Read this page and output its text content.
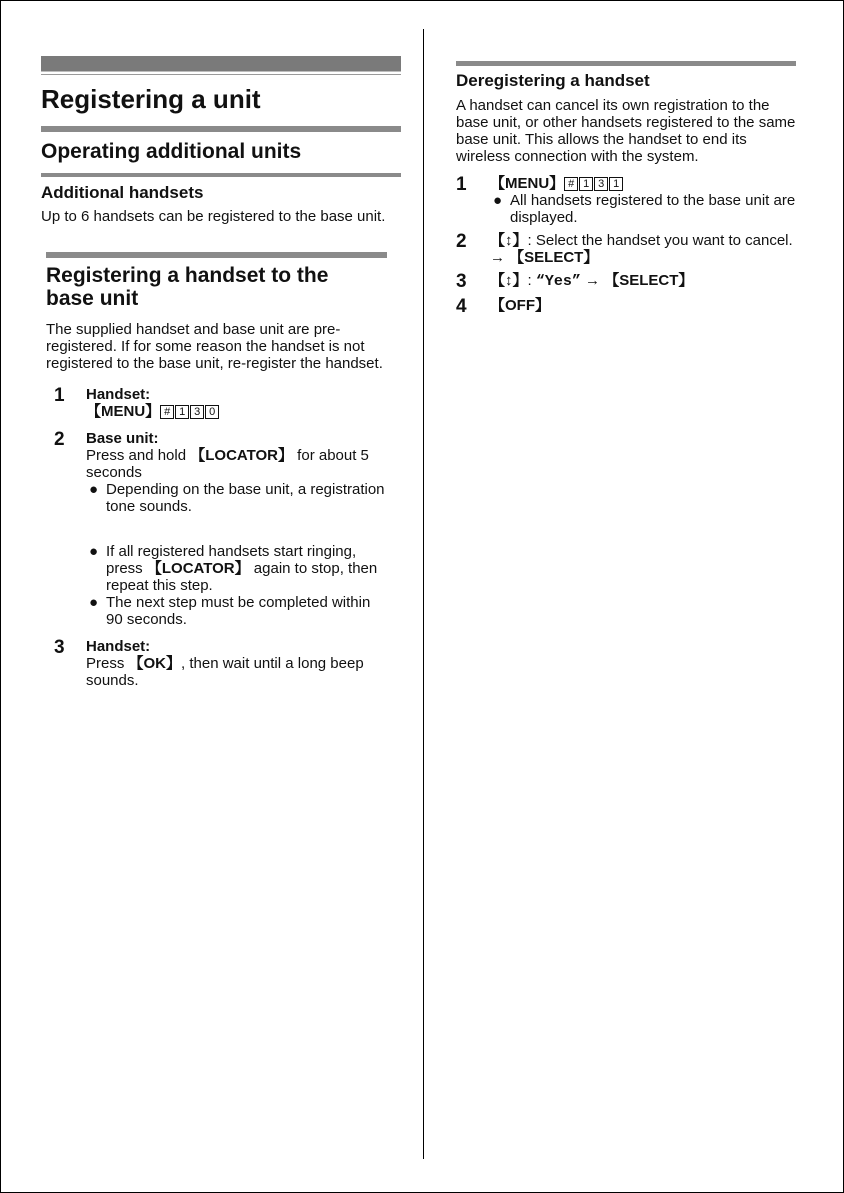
Registering a unit
Operating additional units
Additional handsets
Up to 6 handsets can be registered to the base unit.
Registering a handset to the base unit
The supplied handset and base unit are pre-registered. If for some reason the handset is not registered to the base unit, re-register the handset.
1	Handset:
【MENU】 # 1 3 0
2	Base unit:
Press and hold 【LOCATOR】 for about 5 seconds
● Depending on the base unit, a registration tone sounds.
● If all registered handsets start ringing, press 【LOCATOR】 again to stop, then repeat this step.
● The next step must be completed within 90 seconds.
3	Handset:
Press 【OK】, then wait until a long beep sounds.
Deregistering a handset
A handset can cancel its own registration to the base unit, or other handsets registered to the same base unit. This allows the handset to end its wireless connection with the system.
1	【MENU】 # 1 3 1
● All handsets registered to the base unit are displayed.
2	【↕】: Select the handset you want to cancel. → 【SELECT】
3	【↕】: “Yes” → 【SELECT】
4	【OFF】
